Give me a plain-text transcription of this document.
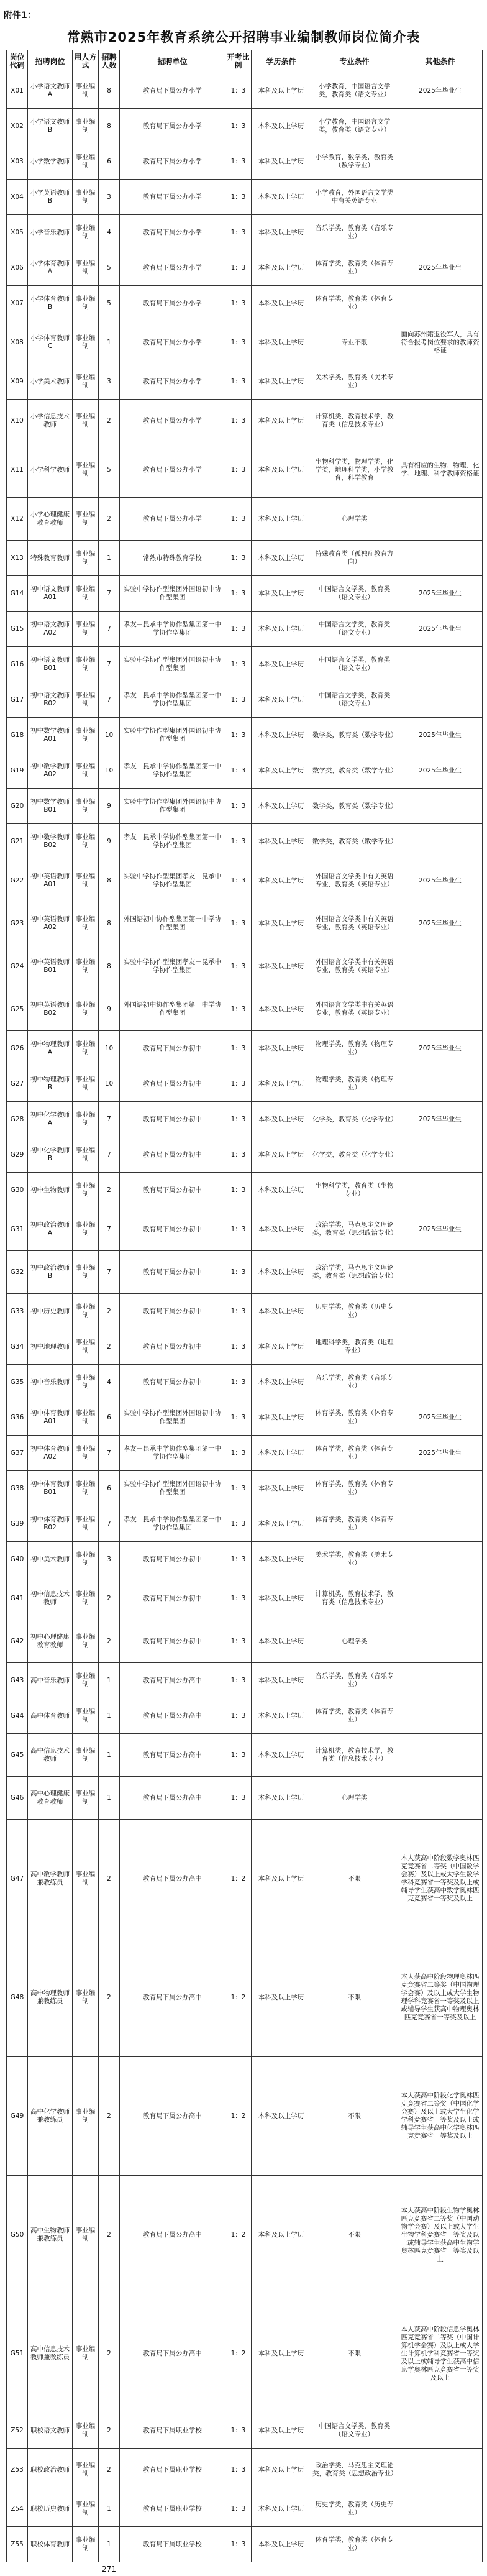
附件1：
常熟市2025年教育系统公开招聘事业编制教师岗位简介表
岗位代码	招聘岗位	用人方式	招聘人数	招聘单位	开考比例	学历条件	专业条件	其他条件
X01	小学语文教师A	事业编制	8	教育局下属公办小学	1：3	本科及以上学历	小学教育，中国语言文学类，教育类（语文专业）	2025年毕业生
X02	小学语文教师B	事业编制	8	教育局下属公办小学	1：3	本科及以上学历	小学教育，中国语言文学类，教育类（语文专业）	
X03	小学数学教师	事业编制	6	教育局下属公办小学	1：3	本科及以上学历	小学教育，数学类，教育类（数学专业）	
X04	小学英语教师B	事业编制	3	教育局下属公办小学	1：3	本科及以上学历	小学教育，外国语言文学类中有关英语专业	
X05	小学音乐教师	事业编制	4	教育局下属公办小学	1：3	本科及以上学历	音乐学类，教育类（音乐专业）	
X06	小学体育教师A	事业编制	5	教育局下属公办小学	1：3	本科及以上学历	体育学类，教育类（体育专业）	2025年毕业生
X07	小学体育教师B	事业编制	5	教育局下属公办小学	1：3	本科及以上学历	体育学类，教育类（体育专业）	
X08	小学体育教师C	事业编制	1	教育局下属公办小学	1：3	本科及以上学历	专业不限	面向苏州籍退役军人，具有符合报考岗位要求的教师资格证
X09	小学美术教师	事业编制	3	教育局下属公办小学	1：3	本科及以上学历	美术学类，教育类（美术专业）	
X10	小学信息技术教师	事业编制	2	教育局下属公办小学	1：3	本科及以上学历	计算机类，教育技术学，教育类（信息技术专业）	
X11	小学科学教师	事业编制	5	教育局下属公办小学	1：3	本科及以上学历	生物科学类，物理学类，化学类，地理科学类，小学教育，科学教育	具有相应的生物、物理、化学、地理、科学教师资格证
X12	小学心理健康教育教师	事业编制	2	教育局下属公办小学	1：3	本科及以上学历	心理学类	
X13	特殊教育教师	事业编制	1	常熟市特殊教育学校	1：3	本科及以上学历	特殊教育类（孤独症教育方向）	
G14	初中语文教师A01	事业编制	7	实验中学协作型集团外国语初中协作型集团	1：3	本科及以上学历	中国语言文学类，教育类（语文专业）	2025年毕业生
G15	初中语文教师A02	事业编制	7	孝友－昆承中学协作型集团第一中学协作型集团	1：3	本科及以上学历	中国语言文学类，教育类（语文专业）	2025年毕业生
G16	初中语文教师B01	事业编制	7	实验中学协作型集团外国语初中协作型集团	1：3	本科及以上学历	中国语言文学类，教育类（语文专业）	
G17	初中语文教师B02	事业编制	7	孝友－昆承中学协作型集团第一中学协作型集团	1：3	本科及以上学历	中国语言文学类，教育类（语文专业）	
G18	初中数学教师A01	事业编制	10	实验中学协作型集团外国语初中协作型集团	1：3	本科及以上学历	数学类，教育类（数学专业）	2025年毕业生
G19	初中数学教师A02	事业编制	10	孝友－昆承中学协作型集团第一中学协作型集团	1：3	本科及以上学历	数学类，教育类（数学专业）	2025年毕业生
G20	初中数学教师B01	事业编制	9	实验中学协作型集团外国语初中协作型集团	1：3	本科及以上学历	数学类，教育类（数学专业）	
G21	初中数学教师B02	事业编制	9	孝友－昆承中学协作型集团第一中学协作型集团	1：3	本科及以上学历	数学类，教育类（数学专业）	
G22	初中英语教师A01	事业编制	8	实验中学协作型集团孝友－昆承中学协作型集团	1：3	本科及以上学历	外国语言文学类中有关英语专业，教育类（英语专业）	2025年毕业生
G23	初中英语教师A02	事业编制	8	外国语初中协作型集团第一中学协作型集团	1：3	本科及以上学历	外国语言文学类中有关英语专业，教育类（英语专业）	2025年毕业生
G24	初中英语教师B01	事业编制	8	实验中学协作型集团孝友－昆承中学协作型集团	1：3	本科及以上学历	外国语言文学类中有关英语专业，教育类（英语专业）	
G25	初中英语教师B02	事业编制	9	外国语初中协作型集团第一中学协作型集团	1：3	本科及以上学历	外国语言文学类中有关英语专业，教育类（英语专业）	
G26	初中物理教师A	事业编制	10	教育局下属公办初中	1：3	本科及以上学历	物理学类，教育类（物理专业）	2025年毕业生
G27	初中物理教师B	事业编制	10	教育局下属公办初中	1：3	本科及以上学历	物理学类，教育类（物理专业）	
G28	初中化学教师A	事业编制	7	教育局下属公办初中	1：3	本科及以上学历	化学类，教育类（化学专业）	2025年毕业生
G29	初中化学教师B	事业编制	7	教育局下属公办初中	1：3	本科及以上学历	化学类，教育类（化学专业）	
G30	初中生物教师	事业编制	2	教育局下属公办初中	1：3	本科及以上学历	生物科学类，教育类（生物专业）	
G31	初中政治教师A	事业编制	7	教育局下属公办初中	1：3	本科及以上学历	政治学类，马克思主义理论类，教育类（思想政治专业）	2025年毕业生
G32	初中政治教师B	事业编制	7	教育局下属公办初中	1：3	本科及以上学历	政治学类，马克思主义理论类，教育类（思想政治专业）	
G33	初中历史教师	事业编制	2	教育局下属公办初中	1：3	本科及以上学历	历史学类，教育类（历史专业）	
G34	初中地理教师	事业编制	2	教育局下属公办初中	1：3	本科及以上学历	地理科学类，教育类（地理专业）	
G35	初中音乐教师	事业编制	4	教育局下属公办初中	1：3	本科及以上学历	音乐学类，教育类（音乐专业）	
G36	初中体育教师A01	事业编制	6	实验中学协作型集团外国语初中协作型集团	1：3	本科及以上学历	体育学类，教育类（体育专业）	2025年毕业生
G37	初中体育教师A02	事业编制	7	孝友－昆承中学协作型集团第一中学协作型集团	1：3	本科及以上学历	体育学类，教育类（体育专业）	2025年毕业生
G38	初中体育教师B01	事业编制	6	实验中学协作型集团外国语初中协作型集团	1：3	本科及以上学历	体育学类，教育类（体育专业）	
G39	初中体育教师B02	事业编制	7	孝友－昆承中学协作型集团第一中学协作型集团	1：3	本科及以上学历	体育学类，教育类（体育专业）	
G40	初中美术教师	事业编制	3	教育局下属公办初中	1：3	本科及以上学历	美术学类，教育类（美术专业）	
G41	初中信息技术教师	事业编制	2	教育局下属公办初中	1：3	本科及以上学历	计算机类，教育技术学，教育类（信息技术专业）	
G42	初中心理健康教育教师	事业编制	2	教育局下属公办初中	1：3	本科及以上学历	心理学类	
G43	高中音乐教师	事业编制	1	教育局下属公办高中	1：3	本科及以上学历	音乐学类，教育类（音乐专业）	
G44	高中体育教师	事业编制	1	教育局下属公办高中	1：3	本科及以上学历	体育学类，教育类（体育专业）	
G45	高中信息技术教师	事业编制	1	教育局下属公办高中	1：3	本科及以上学历	计算机类，教育技术学，教育类（信息技术专业）	
G46	高中心理健康教育教师	事业编制	1	教育局下属公办高中	1：3	本科及以上学历	心理学类	
G47	高中数学教师兼教练员	事业编制	2	教育局下属公办高中	1：2	本科及以上学历	不限	本人获高中阶段数学奥林匹克竞赛省二等奖（中国数学会赛）及以上或大学生数学学科竞赛省一等奖及以上或辅导学生获高中数学奥林匹克竞赛省一等奖及以上
G48	高中物理教师兼教练员	事业编制	2	教育局下属公办高中	1：2	本科及以上学历	不限	本人获高中阶段物理奥林匹克竞赛省二等奖（中国物理学会赛）及以上或大学生物理学科竞赛省一等奖及以上或辅导学生获高中物理奥林匹克竞赛省一等奖及以上
G49	高中化学教师兼教练员	事业编制	2	教育局下属公办高中	1：2	本科及以上学历	不限	本人获高中阶段化学奥林匹克竞赛省二等奖（中国化学会赛）及以上或大学生化学学科竞赛省一等奖及以上或辅导学生获高中化学奥林匹克竞赛省一等奖及以上
G50	高中生物教师兼教练员	事业编制	2	教育局下属公办高中	1：2	本科及以上学历	不限	本人获高中阶段生物学奥林匹克竞赛省二等奖（中国动物学会赛）及以上或大学生生物学科竞赛省一等奖及以上或辅导学生获高中生物学奥林匹克竞赛省一等奖及以上
G51	高中信息技术教师兼教练员	事业编制	2	教育局下属公办高中	1：2	本科及以上学历	不限	本人获高中阶段信息学奥林匹克竞赛省二等奖（中国计算机学会赛）及以上或大学生计算机学科竞赛省一等奖及以上或辅导学生获高中信息学奥林匹克竞赛省一等奖及以上
Z52	职校语文教师	事业编制	2	教育局下属职业学校	1：3	本科及以上学历	中国语言文学类，教育类（语文专业）	
Z53	职校政治教师	事业编制	2	教育局下属职业学校	1：3	本科及以上学历	政治学类，马克思主义理论类，教育类（思想政治专业）	
Z54	职校历史教师	事业编制	1	教育局下属职业学校	1：3	本科及以上学历	历史学类，教育类（历史专业）	
Z55	职校体育教师	事业编制	1	教育局下属职业学校	1：3	本科及以上学历	体育学类，教育类（体育专业）	
			271					
